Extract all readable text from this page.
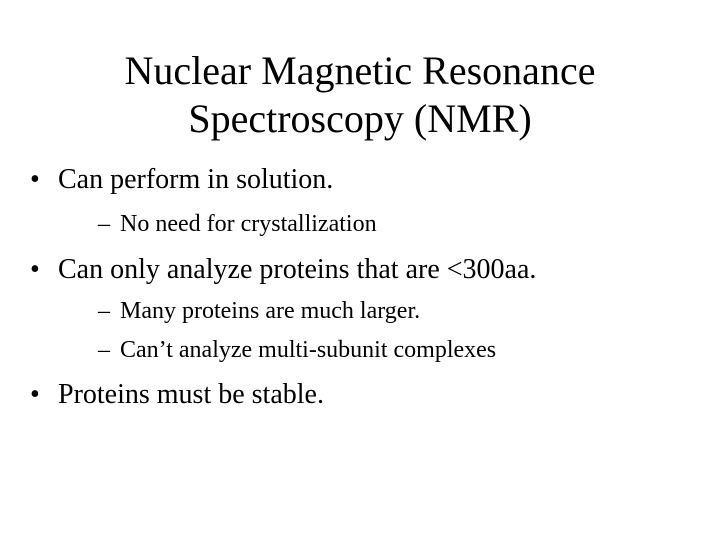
Nuclear Magnetic Resonance
Spectroscopy (NMR)
• Can perform in solution.
– No need for crystallization
• Can only analyze proteins that are <300aa.
– Many proteins are much larger.
– Can’t analyze multi-subunit complexes
• Proteins must be stable.
